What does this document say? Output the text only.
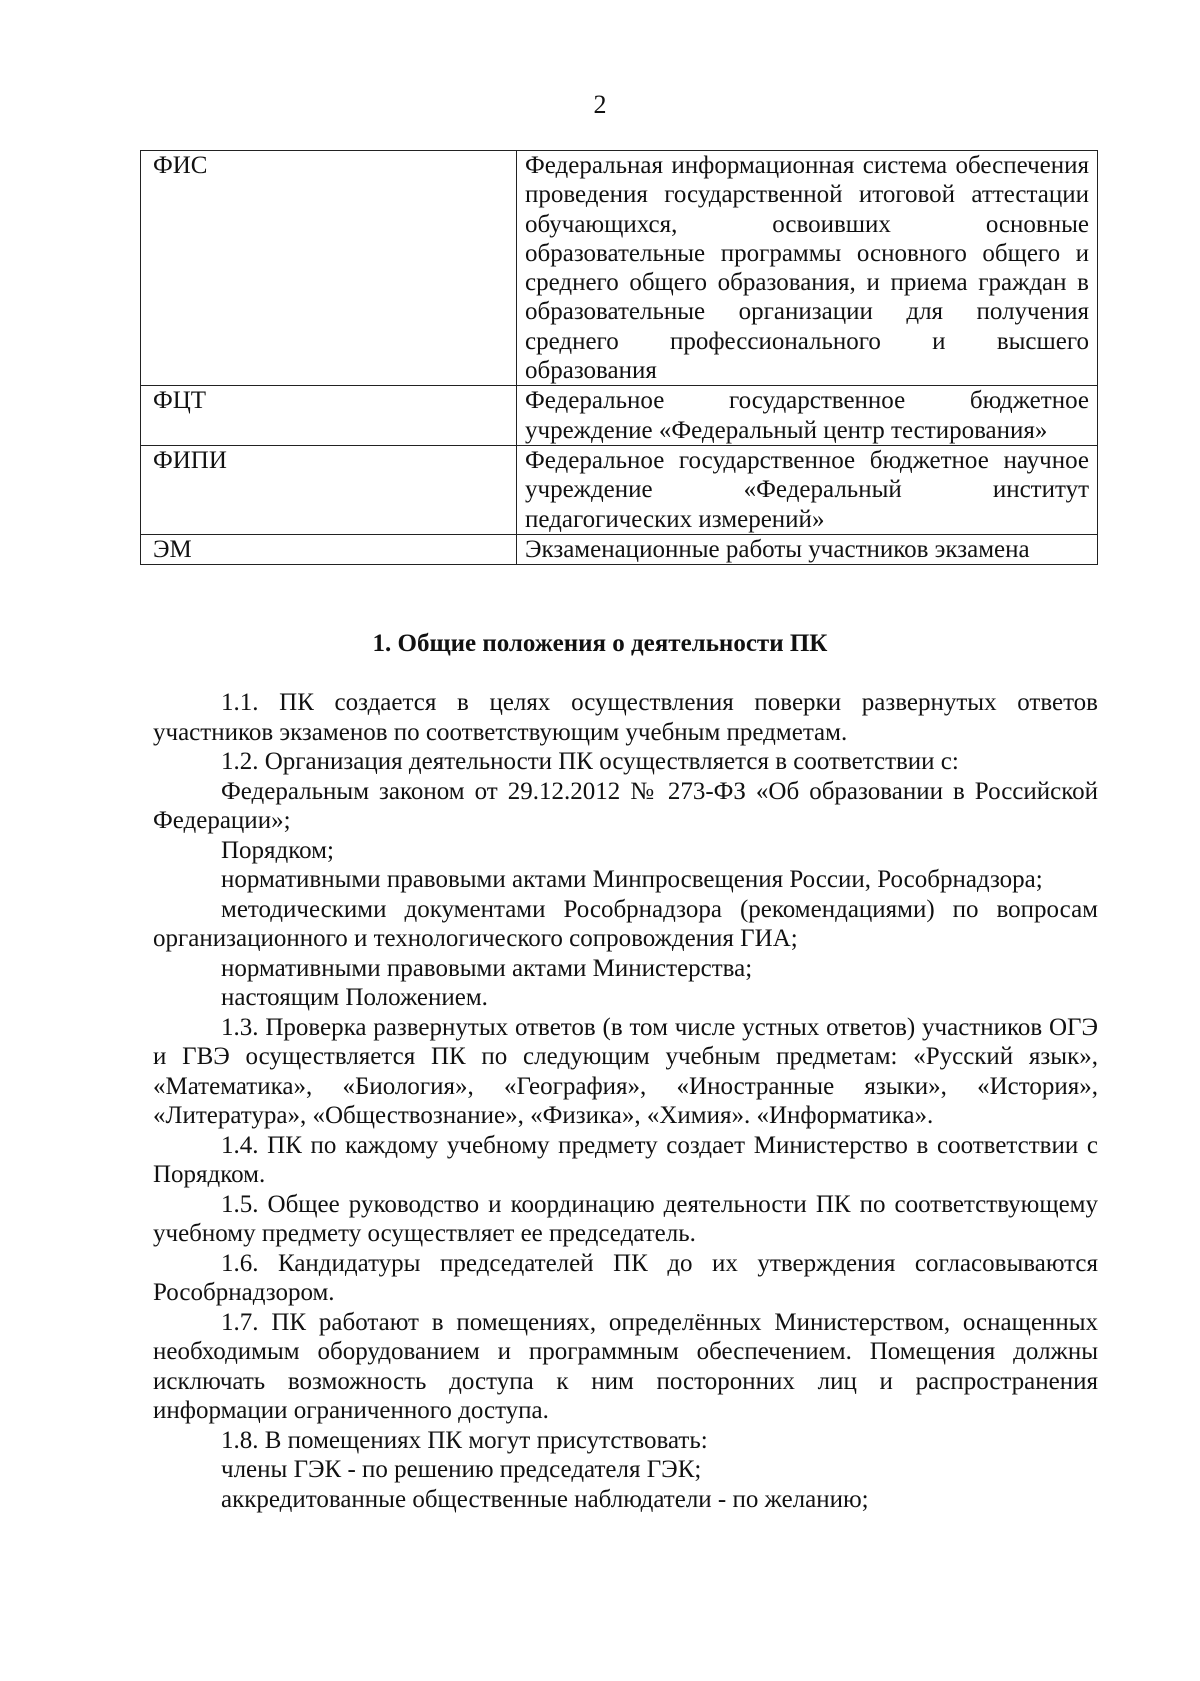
2
ФИС	Федеральная информационная система обеспечения проведения государственной итоговой аттестации обучающихся, освоивших основные образовательные программы основного общего и среднего общего образования, и приема граждан в образовательные организации для получения среднего профессионального и высшего образования
ФЦТ	Федеральное государственное бюджетное учреждение «Федеральный центр тестирования»
ФИПИ	Федеральное государственное бюджетное научное учреждение «Федеральный институт педагогических измерений»
ЭМ	Экзаменационные работы участников экзамена
1. Общие положения о деятельности ПК

1.1. ПК создается в целях осуществления поверки развернутых ответов участников экзаменов по соответствующим учебным предметам.

1.2. Организация деятельности ПК осуществляется в соответствии с:

Федеральным законом от 29.12.2012 № 273-ФЗ «Об образовании в Российской Федерации»;

Порядком;

нормативными правовыми актами Минпросвещения России, Рособрнадзора;

методическими документами Рособрнадзора (рекомендациями) по вопросам организационного и технологического сопровождения ГИА;

нормативными правовыми актами Министерства;

настоящим Положением.

1.3. Проверка развернутых ответов (в том числе устных ответов) участников ОГЭ и ГВЭ осуществляется ПК по следующим учебным предметам: «Русский язык», «Математика», «Биология», «География», «Иностранные языки», «История», «Литература», «Обществознание», «Физика», «Химия». «Информатика».

1.4. ПК по каждому учебному предмету создает Министерство в соответствии с Порядком.

1.5. Общее руководство и координацию деятельности ПК по соответствующему учебному предмету осуществляет ее председатель.

1.6. Кандидатуры председателей ПК до их утверждения согласовываются Рособрнадзором.

1.7. ПК работают в помещениях, определённых Министерством, оснащенных необходимым оборудованием и программным обеспечением. Помещения должны исключать возможность доступа к ним посторонних лиц и распространения информации ограниченного доступа.

1.8. В помещениях ПК могут присутствовать:

члены ГЭК - по решению председателя ГЭК;

аккредитованные общественные наблюдатели - по желанию;
